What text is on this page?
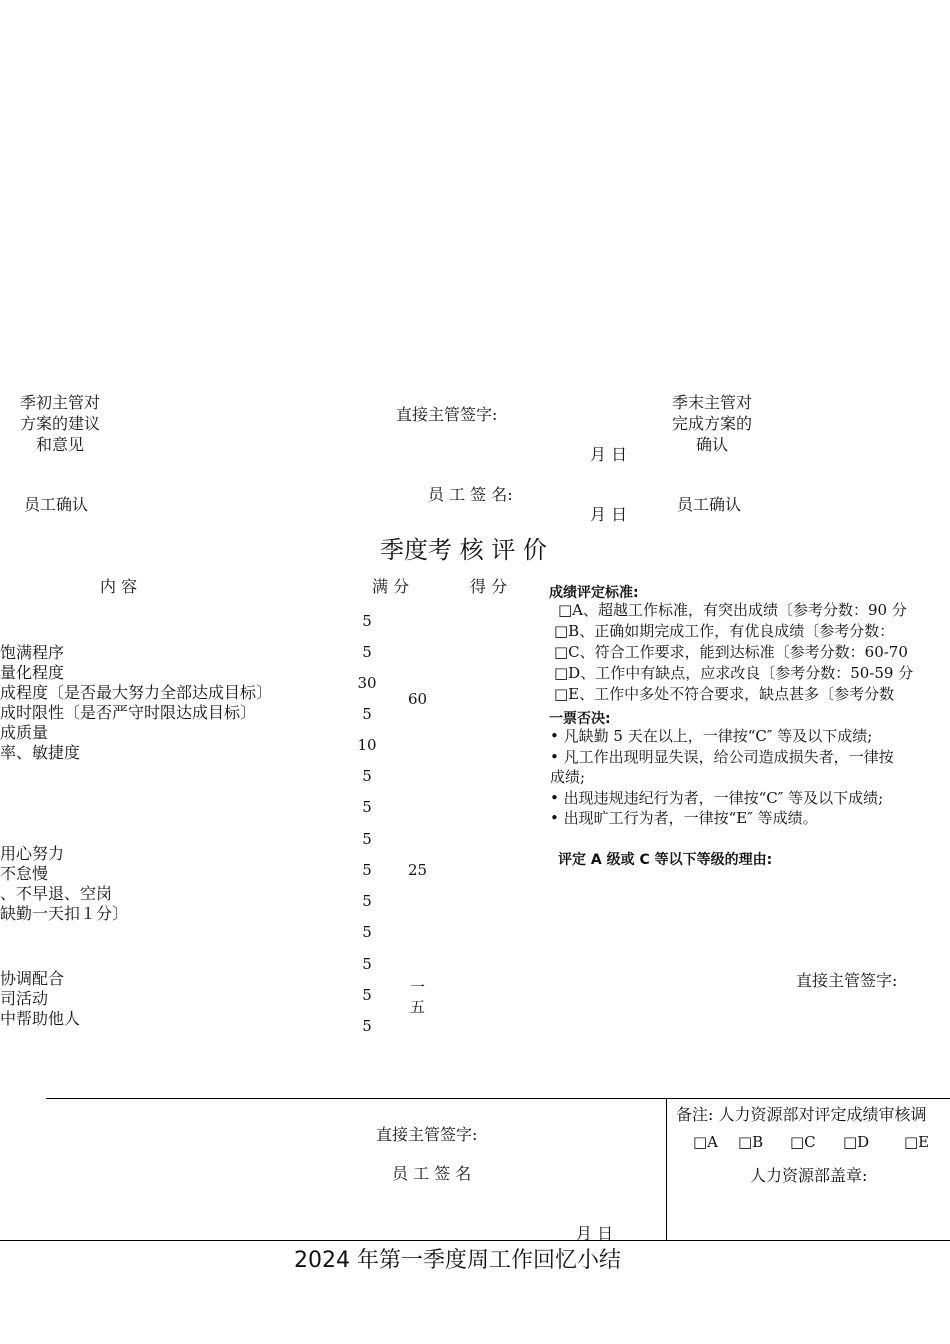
季初主管对
方案的建议
和意见
直接主管签字:
月 日
季末主管对
完成方案的
确认
员工确认
员 工 签 名:
月 日
员工确认
季度考 核 评 价
内 容	满 分	得 分
饱满程序
量化程度
成程度〔是否最大努力全部达成目标〕
成时限性〔是否严守时限达成目标〕
成质量
率、敏捷度
用心努力
不怠慢
、不早退、空岗
缺勤一天扣１分〕
协调配合
司活动
中帮助他人
5
5
30
5
10
5
5
5
5
5
5
5
5
5
60
25
一
五
成绩评定标准:
□A、超越工作标准，有突出成绩〔参考分数：90 分
□B、正确如期完成工作，有优良成绩〔参考分数：
□C、符合工作要求，能到达标准〔参考分数：60-70
□D、工作中有缺点，应求改良〔参考分数：50-59 分
□E、工作中多处不符合要求，缺点甚多〔参考分数
一票否决:
• 凡缺勤 5 天在以上，一律按“C″ 等及以下成绩;
• 凡工作出现明显失误，给公司造成损失者，一律按
成绩;
• 出现违规违纪行为者，一律按“C″ 等及以下成绩;
• 出现旷工行为者，一律按“E″ 等成绩。
评定 A 级或 C 等以下等级的理由:
直接主管签字:
直接主管签字:
员 工 签 名
月 日
备注: 人力资源部对评定成绩审核调
□A □B □C □D □E
人力资源部盖章:
2024 年第一季度周工作回忆小结
